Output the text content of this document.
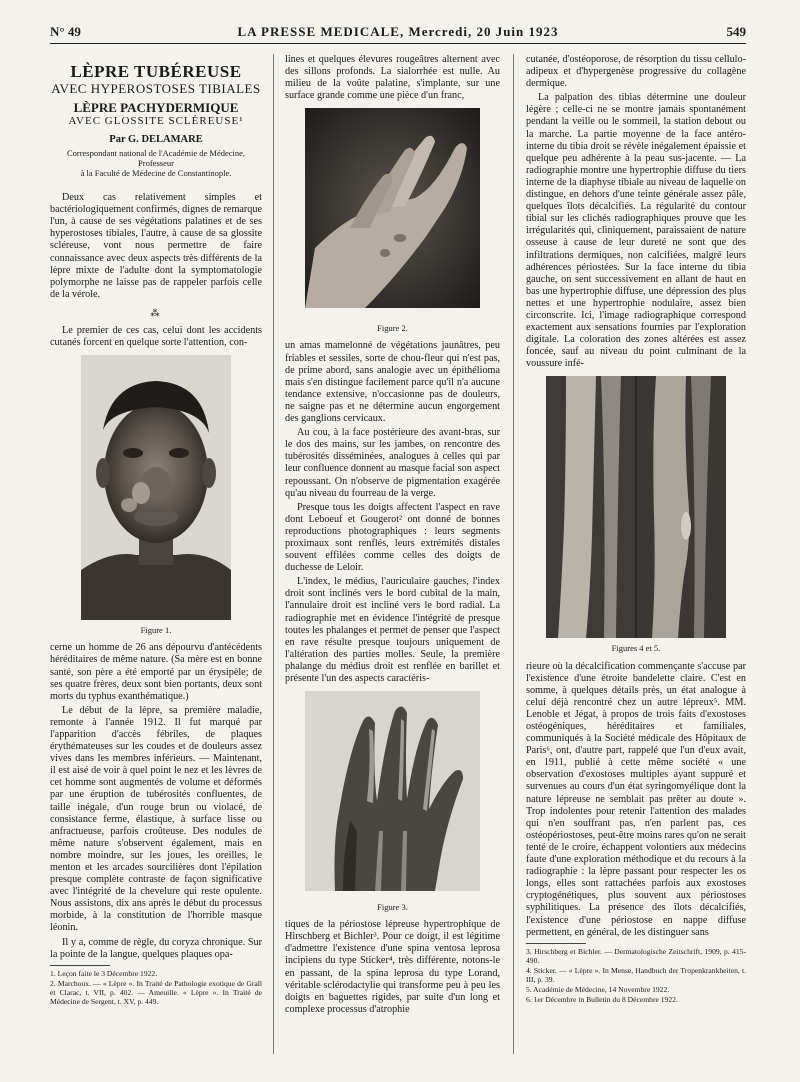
N° 49	LA PRESSE MEDICALE, Mercredi, 20 Juin 1923	549
LÈPRE TUBÉREUSE
AVEC HYPEROSTOSES TIBIALES
LÈPRE PACHYDERMIQUE
AVEC GLOSSITE SCLÉREUSE¹
Par G. DELAMARE
Correspondant national de l'Académie de Médecine,
Professeur
à la Faculté de Médecine de Constantinople.

Deux cas relativement simples et bactériologiquement confirmés, dignes de remarque l'un, à cause de ses végétations palatines et de ses hyperostoses tibiales, l'autre, à cause de sa glossite scléreuse, vont nous permettre de faire connaissance avec deux aspects très différents de la lèpre mixte de l'adulte dont la symptomatologie polymorphe ne laisse pas de rappeler parfois celle de la vérole.

⁂

Le premier de ces cas, celui dont les accidents cutanés forcent en quelque sorte l'attention, con-

Figure 1.

cerne un homme de 26 ans dépourvu d'antécédents héréditaires de même nature. (Sa mère est en bonne santé, son père a été emporté par un érysipèle; de ses quatre frères, deux sont bien portants, deux sont morts du typhus exanthématique.)

Le début de la lèpre, sa première maladie, remonte à l'année 1912. Il fut marqué par l'apparition d'accès fébriles, de plaques érythémateuses sur les coudes et de douleurs assez vives dans les membres inférieurs. — Maintenant, il est aisé de voir à quel point le nez et les lèvres de cet homme sont augmentés de volume et déformés par une éruption de tubérosités confluentes, de taille inégale, d'un rouge brun ou violacé, de consistance ferme, élastique, à surface lisse ou anfractueuse, parfois croûteuse. Des nodules de même nature s'observent également, mais en nombre moindre, sur les joues, les oreilles, le menton et les arcades sourcilières dont l'épilation presque complète contraste de façon significative avec l'intégrité de la chevelure qui reste opulente. Nous assistons, dix ans après le début du processus morbide, à la constitution de l'horrible masque léonin.

Il y a, comme de règle, du coryza chronique. Sur la pointe de la langue, quelques plaques opa-

1. Leçon faite le 3 Décembre 1922.
2. Marchoux. — « Lèpre ». In Traité de Pathologie exotique de Grall et Clarac, t. VII, p. 402. — Ameuille. « Lèpre ». In Traité de Médecine de Sergent, t. XV, p. 449.

lines et quelques élevures rougeâtres alternent avec des sillons profonds. La sialorrhée est nulle. Au milieu de la voûte palatine, s'implante, sur une surface grande comme une pièce d'un franc,

Figure 2.

un amas mamelonné de végétations jaunâtres, peu friables et sessiles, sorte de chou-fleur qui n'est pas, de prime abord, sans analogie avec un épithélioma mais s'en distingue facilement parce qu'il n'a aucune tendance extensive, n'occasionne pas de douleurs, ne saigne pas et ne détermine aucun engorgement des ganglions cervicaux.

Au cou, à la face postérieure des avant-bras, sur le dos des mains, sur les jambes, on rencontre des tubérosités disséminées, analogues à celles qui par leur confluence donnent au masque facial son aspect repoussant. On n'observe de pigmentation exagérée qu'au niveau du fourreau de la verge.

Presque tous les doigts affectent l'aspect en rave dont Leboeuf et Gougerot² ont donné de bonnes reproductions photographiques : leurs segments proximaux sont renflés, leurs extrémités distales souvent effilées comme celles des doigts de duchesse de Leloir.

L'index, le médius, l'auriculaire gauches, l'index droit sont inclinés vers le bord cubital de la main, l'annulaire droit est incliné vers le bord radial. La radiographie met en évidence l'intégrité de presque toutes les phalanges et permet de penser que l'aspect en rave résulte presque toujours uniquement de l'altération des parties molles. Seule, la première phalange du médius droit est renflée en barillet et présente l'un des aspects caractéris-

Figure 3.

tiques de la périostose lépreuse hypertrophique de Hirschberg et Bichler³. Pour ce doigt, il est légitime d'admettre l'existence d'une spina ventosa leprosa incipiens du type Sticker⁴, très différente, notons-le en passant, de la spina leprosa du type Lorand, véritable sclérodactylie qui transforme peu à peu les doigts en baguettes rigides, par suite d'un long et complexe processus d'atrophie

cutanée, d'ostéoporose, de résorption du tissu cellulo-adipeux et d'hypergenèse progressive du collagène dermique.

La palpation des tibias détermine une douleur légère ; celle-ci ne se montre jamais spontanément pendant la veille ou le sommeil, la station debout ou la marche. La partie moyenne de la face antéro-interne du tibia droit se révèle inégalement épaissie et quelque peu adhérente à la peau sus-jacente. — La radiographie montre une hypertrophie diffuse du tiers interne de la diaphyse tibiale au niveau de laquelle on distingue, en dehors d'une teinte générale assez pâle, quelques îlots décalcifiés. La régularité du contour tibial sur les clichés radiographiques prouve que les irrégularités qui, cliniquement, paraissaient de nature osseuse à cause de leur dureté ne sont que des infiltrations dermiques, non calcifiées, malgré leurs adhérences périostées. Sur la face interne du tibia gauche, on sent successivement en allant de haut en bas une hypertrophie diffuse, une dépression des plus nettes et une hypertrophie nodulaire, assez bien circonscrite. Ici, l'image radiographique correspond exactement aux sensations fournies par l'exploration digitale. La coloration des zones altérées est assez foncée, sauf au niveau du point culminant de la voussure infé-

Figures 4 et 5.

rieure où la décalcification commençante s'accuse par l'existence d'une étroite bandelette claire. C'est en somme, à quelques détails près, un état analogue à celui déjà rencontré chez un autre lépreux⁵. MM. Lenoble et Jégat, à propos de trois faits d'exostoses ostéogéniques, héréditaires et familiales, communiqués à la Société médicale des Hôpitaux de Paris⁶, ont, d'autre part, rappelé que l'un d'eux avait, en 1911, publié à cette même société « une observation d'exostoses multiples ayant suppuré et survenues au cours d'un état syringomyélique dont la nature lépreuse ne semblait pas prêter au doute ». Trop indolentes pour retenir l'attention des malades qui n'en souffrant pas, n'en parlent pas, ces ostéopériostoses, peut-être moins rares qu'on ne serait tenté de le croire, échappent volontiers aux médecins faute d'une exploration méthodique et du recours à la radiographie : la lèpre passant pour respecter les os longs, elles sont rattachées parfois aux exostoses cryptogénétiques, plus souvent aux périostoses syphilitiques. La présence des îlots décalcifiés, l'existence d'une périostose en nappe diffuse permettent, en général, de les distinguer sans

3. Hirschberg et Bichler. — Dermatologische Zeitschrift, 1909, p. 415-490.
4. Sticker. — « Lèpre ». In Mense, Handbuch der Tropenkrankheiten, t. III, p. 39.
5. Académie de Médecine, 14 Novembre 1922.
6. 1er Décembre in Bulletin du 8 Décembre 1922.
